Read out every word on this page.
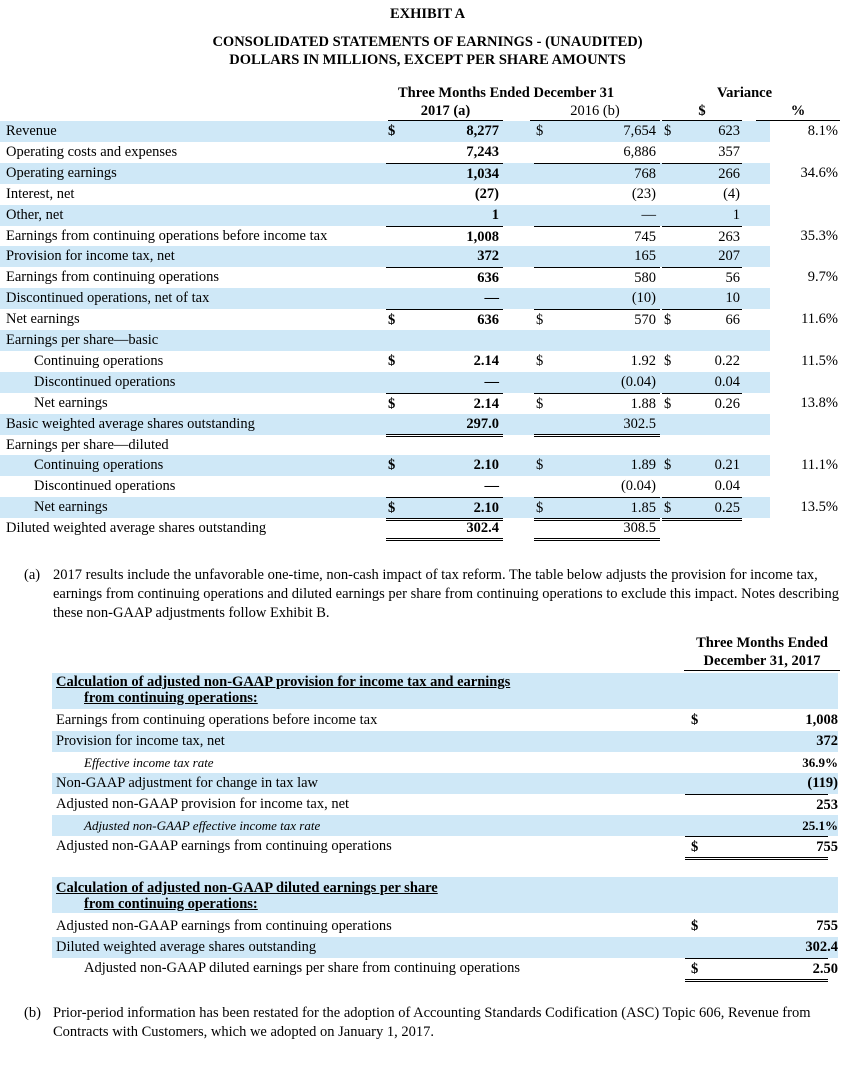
EXHIBIT A
CONSOLIDATED STATEMENTS OF EARNINGS - (UNAUDITED)
DOLLARS IN MILLIONS, EXCEPT PER SHARE AMOUNTS
Three Months Ended December 31	Variance
2017 (a)	2016 (b)	$	%
Revenue	$	8,277	$	7,654 $	623	8.1%
Operating costs and expenses	7,243	6,886	357
Operating earnings	1,034	768	266	34.6%
Interest, net	(27)	(23)	(4)
Other, net	1	—	1
Earnings from continuing operations before income tax	1,008	745	263	35.3%
Provision for income tax, net	372	165	207
Earnings from continuing operations	636	580	56	9.7%
Discontinued operations, net of tax	—	(10)	10
Net earnings	$	636	$	570 $	66	11.6%
Earnings per share—basic
Continuing operations	$	2.14	$	1.92 $	0.22	11.5%
Discontinued operations	—	(0.04)	0.04
Net earnings	$	2.14	$	1.88 $	0.26	13.8%
Basic weighted average shares outstanding	297.0	302.5
Earnings per share—diluted
Continuing operations	$	2.10	$	1.89 $	0.21	11.1%
Discontinued operations	—	(0.04)	0.04
Net earnings	$	2.10	$	1.85 $	0.25	13.5%
Diluted weighted average shares outstanding	302.4	308.5
(a) 2017 results include the unfavorable one-time, non-cash impact of tax reform. The table below adjusts the provision for income tax, earnings from continuing operations and diluted earnings per share from continuing operations to exclude this impact. Notes describing these non-GAAP adjustments follow Exhibit B.
Three Months Ended
December 31, 2017
Calculation of adjusted non-GAAP provision for income tax and earnings
from continuing operations:
Earnings from continuing operations before income tax	$	1,008
Provision for income tax, net	372
Effective income tax rate	36.9%
Non-GAAP adjustment for change in tax law	(119)
Adjusted non-GAAP provision for income tax, net	253
Adjusted non-GAAP effective income tax rate	25.1%
Adjusted non-GAAP earnings from continuing operations	$	755
Calculation of adjusted non-GAAP diluted earnings per share
from continuing operations:
Adjusted non-GAAP earnings from continuing operations	$	755
Diluted weighted average shares outstanding	302.4
Adjusted non-GAAP diluted earnings per share from continuing operations	$	2.50
(b) Prior-period information has been restated for the adoption of Accounting Standards Codification (ASC) Topic 606, Revenue from Contracts with Customers, which we adopted on January 1, 2017.
